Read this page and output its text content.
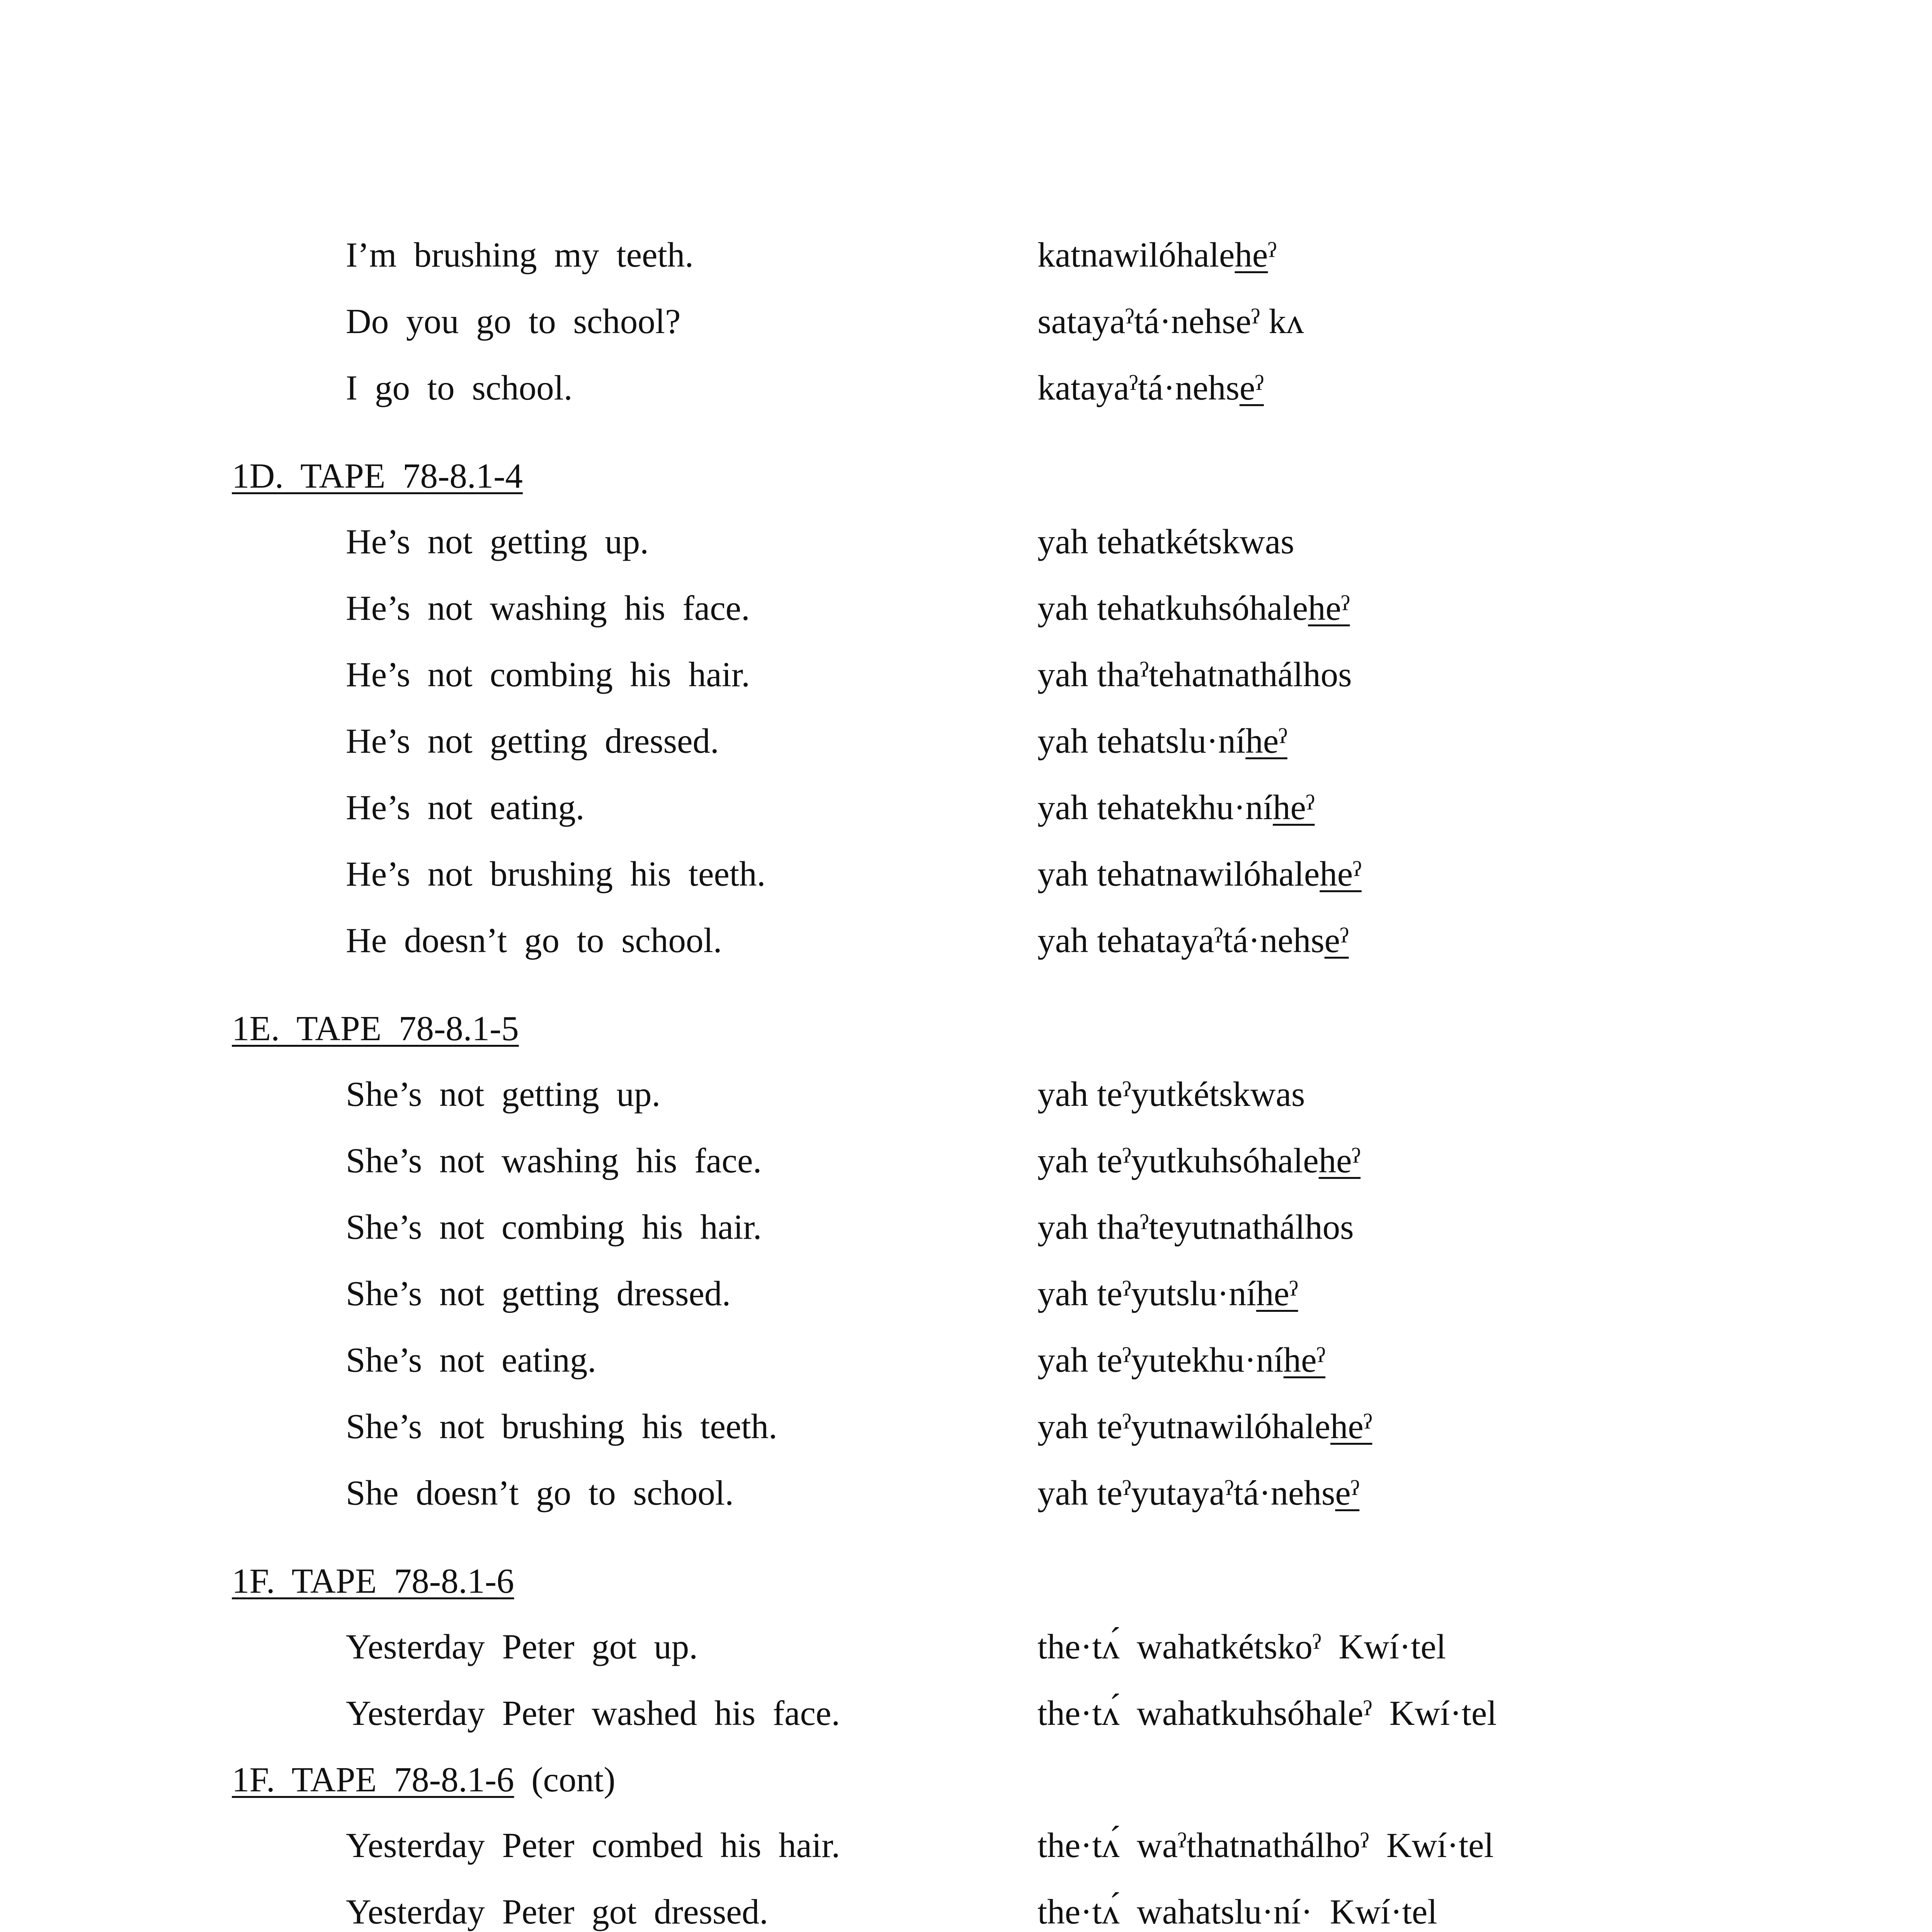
I’m brushing my teeth.	katnawilóhaleheˀ
Do you go to school?	satayaˀtá·nehseˀ kʌ
I go to school.	katayaˀtá·nehseˀ
1D. TAPE 78-8.1-4
He’s not getting up.	yah tehatkétskwas
He’s not washing his face.	yah tehatkuhsóhaleheˀ
He’s not combing his hair.	yah thaˀtehatnathálhos
He’s not getting dressed.	yah tehatslu·níheˀ
He’s not eating.	yah tehatekhu·níheˀ
He’s not brushing his teeth.	yah tehatnawilóhaleheˀ
He doesn’t go to school.	yah tehatayaˀtá·nehseˀ
1E. TAPE 78-8.1-5
She’s not getting up.	yah teˀyutkétskwas
She’s not washing his face.	yah teˀyutkuhsóhaleheˀ
She’s not combing his hair.	yah thaˀteyutnathálhos
She’s not getting dressed.	yah teˀyutslu·níheˀ
She’s not eating.	yah teˀyutekhu·níheˀ
She’s not brushing his teeth.	yah teˀyutnawilóhaleheˀ
She doesn’t go to school.	yah teˀyutayaˀtá·nehseˀ
1F. TAPE 78-8.1-6
Yesterday Peter got up.	the·tʌ́ wahatkétskoˀ Kwí·tel
Yesterday Peter washed his face.	the·tʌ́ wahatkuhsóhaleˀ Kwí·tel
1F. TAPE 78-8.1-6 (cont)
Yesterday Peter combed his hair.	the·tʌ́ waˀthatnathálhoˀ Kwí·tel
Yesterday Peter got dressed.	the·tʌ́ wahatslu·ní· Kwí·tel
